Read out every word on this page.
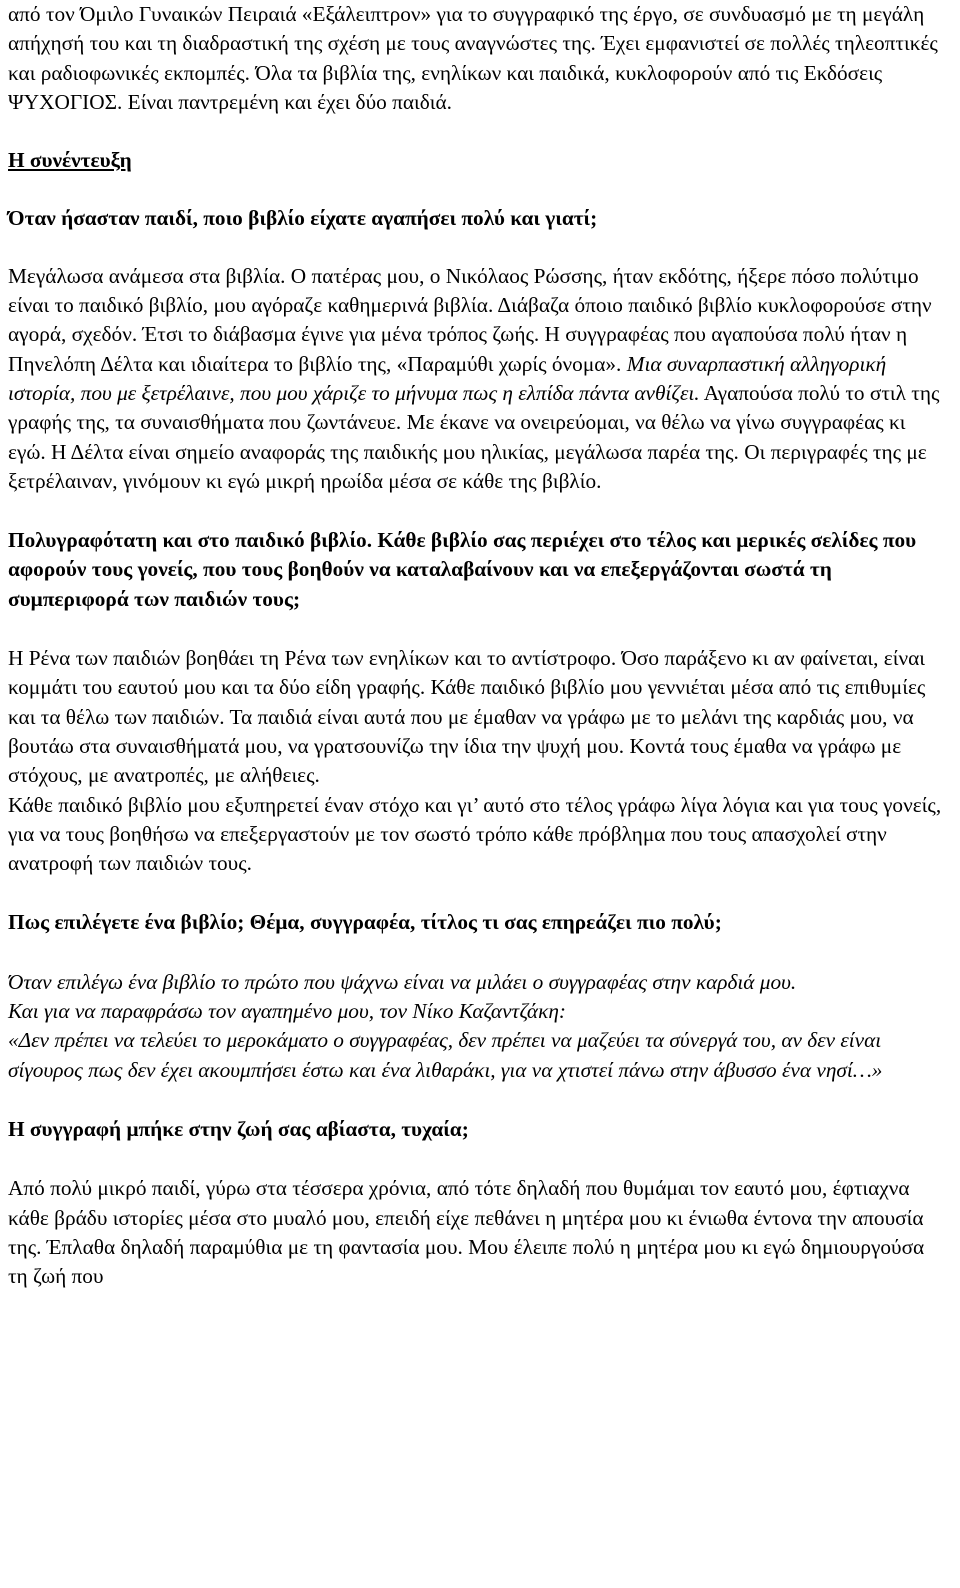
από τον Όμιλο Γυναικών Πειραιά «Εξάλειπτρον» για το συγγραφικό της έργο, σε συνδυασμό με τη μεγάλη απήχησή του και τη διαδραστική της σχέση με τους αναγνώστες της. Έχει εμφανιστεί σε πολλές τηλεοπτικές και ραδιοφωνικές εκπομπές. Όλα τα βιβλία της, ενηλίκων και παιδικά, κυκλοφορούν από τις Εκδόσεις ΨΥΧΟΓΙΟΣ. Είναι παντρεμένη και έχει δύο παιδιά.

Η συνέντευξη

Όταν ήσασταν παιδί, ποιο βιβλίο είχατε αγαπήσει πολύ και γιατί;

Μεγάλωσα ανάμεσα στα βιβλία. Ο πατέρας μου, ο Νικόλαος Ρώσσης, ήταν εκδότης, ήξερε πόσο πολύτιμο είναι το παιδικό βιβλίο, μου αγόραζε καθημερινά βιβλία. Διάβαζα όποιο παιδικό βιβλίο κυκλοφορούσε στην αγορά, σχεδόν. Έτσι το διάβασμα έγινε για μένα τρόπος ζωής. Η συγγραφέας που αγαπούσα πολύ ήταν η Πηνελόπη Δέλτα και ιδιαίτερα το βιβλίο της, «Παραμύθι χωρίς όνομα». Μια συναρπαστική αλληγορική ιστορία, που με ξετρέλαινε, που μου χάριζε το μήνυμα πως η ελπίδα πάντα ανθίζει. Αγαπούσα πολύ το στιλ της γραφής της, τα συναισθήματα που ζωντάνευε. Με έκανε να ονειρεύομαι, να θέλω να γίνω συγγραφέας κι εγώ. Η Δέλτα είναι σημείο αναφοράς της παιδικής μου ηλικίας, μεγάλωσα παρέα της. Οι περιγραφές της με ξετρέλαιναν, γινόμουν κι εγώ μικρή ηρωίδα μέσα σε κάθε της βιβλίο.

Πολυγραφότατη και στο παιδικό βιβλίο. Κάθε βιβλίο σας περιέχει στο τέλος και μερικές σελίδες που αφορούν τους γονείς, που τους βοηθούν να καταλαβαίνουν και να επεξεργάζονται σωστά τη συμπεριφορά των παιδιών τους;

Η Ρένα των παιδιών βοηθάει τη Ρένα των ενηλίκων και το αντίστροφο. Όσο παράξενο κι αν φαίνεται, είναι κομμάτι του εαυτού μου και τα δύο είδη γραφής. Κάθε παιδικό βιβλίο μου γεννιέται μέσα από τις επιθυμίες και τα θέλω των παιδιών. Τα παιδιά είναι αυτά που με έμαθαν να γράφω με το μελάνι της καρδιάς μου, να βουτάω στα συναισθήματά μου, να γρατσουνίζω την ίδια την ψυχή μου. Κοντά τους έμαθα να γράφω με στόχους, με ανατροπές, με αλήθειες.

Κάθε παιδικό βιβλίο μου εξυπηρετεί έναν στόχο και γι’ αυτό στο τέλος γράφω λίγα λόγια και για τους γονείς, για να τους βοηθήσω να επεξεργαστούν με τον σωστό τρόπο κάθε πρόβλημα που τους απασχολεί στην ανατροφή των παιδιών τους.

Πως επιλέγετε ένα βιβλίο; Θέμα, συγγραφέα, τίτλος τι σας επηρεάζει πιο πολύ;

Όταν επιλέγω ένα βιβλίο το πρώτο που ψάχνω είναι να μιλάει ο συγγραφέας στην καρδιά μου.

Και για να παραφράσω τον αγαπημένο μου, τον Νίκο Καζαντζάκη:

«Δεν πρέπει να τελεύει το μεροκάματο ο συγγραφέας, δεν πρέπει να μαζεύει τα σύνεργά του, αν δεν είναι σίγουρος πως δεν έχει ακουμπήσει έστω και ένα λιθαράκι, για να χτιστεί πάνω στην άβυσσο ένα νησί…»

Η συγγραφή μπήκε στην ζωή σας αβίαστα, τυχαία;

Από πολύ μικρό παιδί, γύρω στα τέσσερα χρόνια, από τότε δηλαδή που θυμάμαι τον εαυτό μου, έφτιαχνα κάθε βράδυ ιστορίες μέσα στο μυαλό μου, επειδή είχε πεθάνει η μητέρα μου κι ένιωθα έντονα την απουσία της. Έπλαθα δηλαδή παραμύθια με τη φαντασία μου. Μου έλειπε πολύ η μητέρα μου κι εγώ δημιουργούσα τη ζωή που
